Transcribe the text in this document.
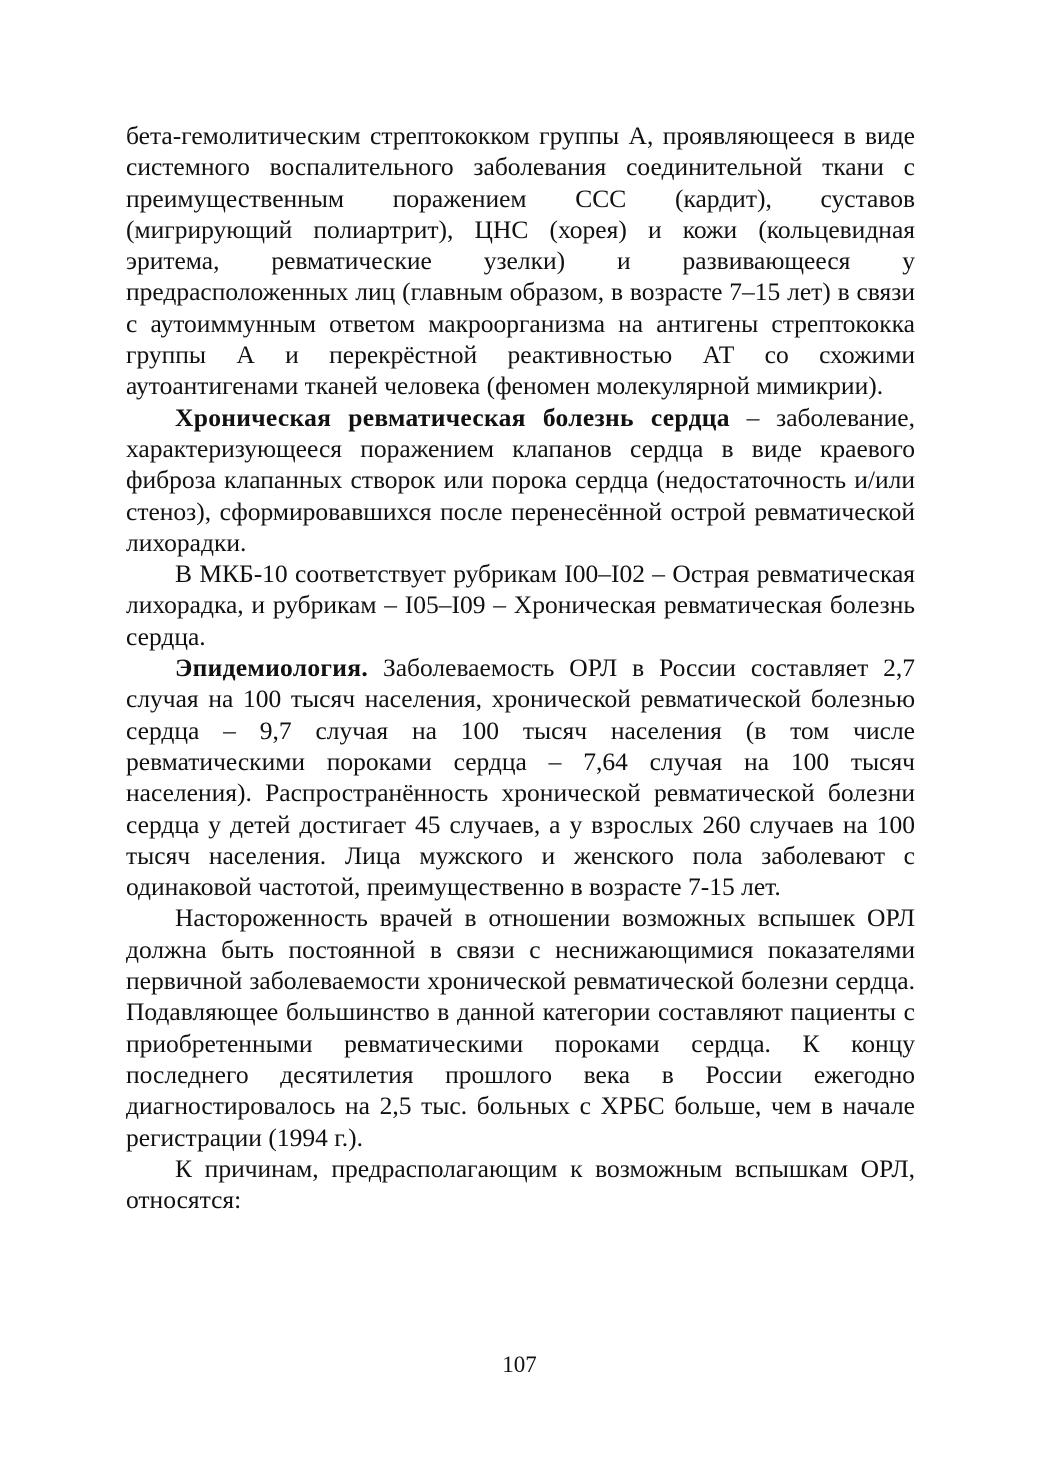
бета-гемолитическим стрептококком группы А, проявляющееся в виде системного воспалительного заболевания соединительной ткани с преимущественным поражением ССС (кардит), суставов (мигрирующий полиартрит), ЦНС (хорея) и кожи (кольцевидная эритема, ревматические узелки) и развивающееся у предрасположенных лиц (главным образом, в возрасте 7–15 лет) в связи с аутоиммунным ответом макроорганизма на антигены стрептококка группы А и перекрёстной реактивностью АТ со схожими аутоантигенами тканей человека (феномен молекулярной мимикрии).

Хроническая ревматическая болезнь сердца – заболевание, характеризующееся поражением клапанов сердца в виде краевого фиброза клапанных створок или порока сердца (недостаточность и/или стеноз), сформировавшихся после перенесённой острой ревматической лихорадки.

В МКБ-10 соответствует рубрикам I00–I02 – Острая ревматическая лихорадка, и рубрикам – I05–I09 – Хроническая ревматическая болезнь сердца.

Эпидемиология. Заболеваемость ОРЛ в России составляет 2,7 случая на 100 тысяч населения, хронической ревматической болезнью сердца – 9,7 случая на 100 тысяч населения (в том числе ревматическими пороками сердца – 7,64 случая на 100 тысяч населения). Распространённость хронической ревматической болезни сердца у детей достигает 45 случаев, а у взрослых 260 случаев на 100 тысяч населения. Лица мужского и женского пола заболевают с одинаковой частотой, преимущественно в возрасте 7-15 лет.

Настороженность врачей в отношении возможных вспышек ОРЛ должна быть постоянной в связи с неснижающимися показателями первичной заболеваемости хронической ревматической болезни сердца. Подавляющее большинство в данной категории составляют пациенты с приобретенными ревматическими пороками сердца. К концу последнего десятилетия прошлого века в России ежегодно диагностировалось на 2,5 тыс. больных с ХРБС больше, чем в начале регистрации (1994 г.).

К причинам, предрасполагающим к возможным вспышкам ОРЛ, относятся:

107
